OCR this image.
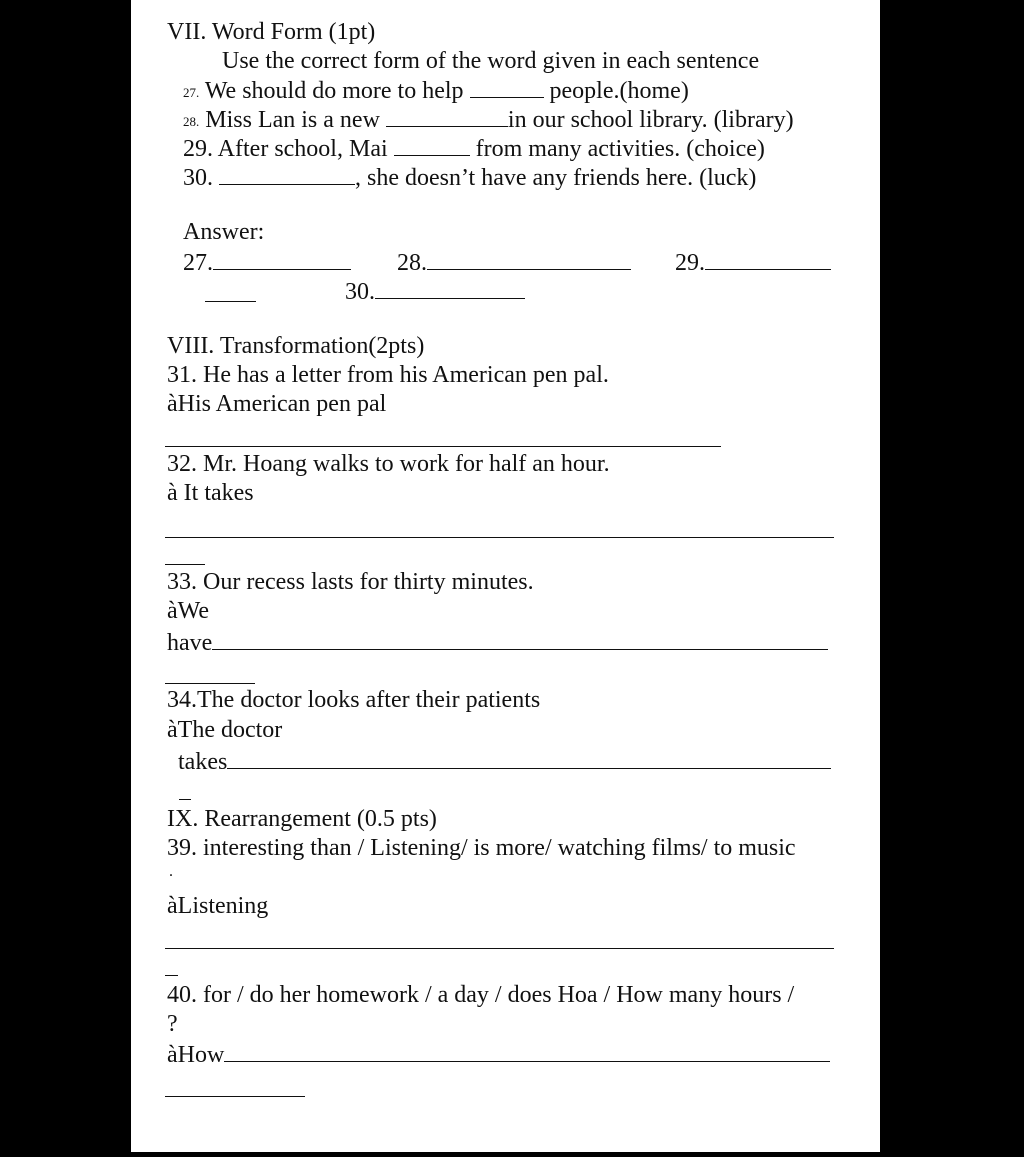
VII. Word Form (1pt)
Use the correct form of the word given in each sentence
27. We should do more to help	people.(home)
28. Miss Lan is a new	in our school library. (library)
29. After school, Mai	from many activities. (choice)
30.	, she doesn’t have any friends here. (luck)
Answer:
27.	28.	29.
30.
VIII. Transformation(2pts)
31. He has a letter from his American pen pal.
àHis American pen pal
32. Mr. Hoang walks to work for half an hour.
à It takes
33. Our recess lasts for thirty minutes.
àWe
have
34.The doctor looks after their patients
àThe doctor
takes
IX. Rearrangement (0.5 pts)
39. interesting than / Listening/ is more/ watching films/ to music
.
àListening
40. for / do her homework / a day / does Hoa / How many hours /
?
àHow
